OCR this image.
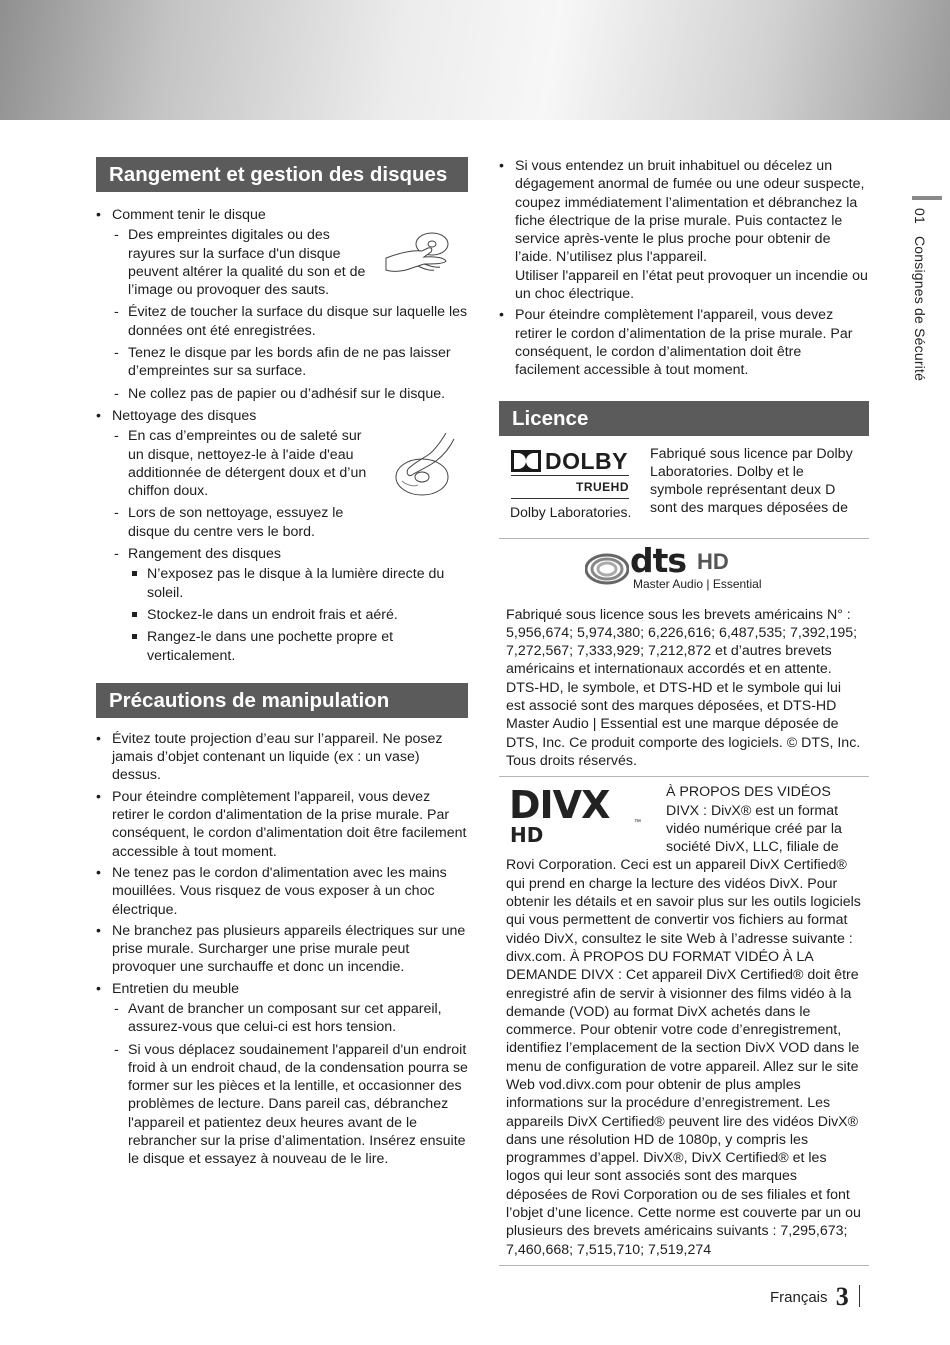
Rangement et gestion des disques
• Comment tenir le disque
- Des empreintes digitales ou des rayures sur la surface d'un disque peuvent altérer la qualité du son et de l’image ou provoquer des sauts.
- Évitez de toucher la surface du disque sur laquelle les données ont été enregistrées.
- Tenez le disque par les bords afin de ne pas laisser d’empreintes sur sa surface.
- Ne collez pas de papier ou d’adhésif sur le disque.
• Nettoyage des disques
- En cas d’empreintes ou de saleté sur un disque, nettoyez-le à l'aide d'eau additionnée de détergent doux et d’un chiffon doux.
- Lors de son nettoyage, essuyez le disque du centre vers le bord.
- Rangement des disques
N’exposez pas le disque à la lumière directe du soleil.
Stockez-le dans un endroit frais et aéré.
Rangez-le dans une pochette propre et verticalement.
Précautions de manipulation
• Évitez toute projection d’eau sur l’appareil. Ne posez jamais d’objet contenant un liquide (ex : un vase) dessus.
• Pour éteindre complètement l'appareil, vous devez retirer le cordon d'alimentation de la prise murale. Par conséquent, le cordon d'alimentation doit être facilement accessible à tout moment.
• Ne tenez pas le cordon d'alimentation avec les mains mouillées. Vous risquez de vous exposer à un choc électrique.
• Ne branchez pas plusieurs appareils électriques sur une prise murale. Surcharger une prise murale peut provoquer une surchauffe et donc un incendie.
• Entretien du meuble
- Avant de brancher un composant sur cet appareil, assurez-vous que celui-ci est hors tension.
- Si vous déplacez soudainement l'appareil d'un endroit froid à un endroit chaud, de la condensation pourra se former sur les pièces et la lentille, et occasionner des problèmes de lecture. Dans pareil cas, débranchez l'appareil et patientez deux heures avant de le rebrancher sur la prise d’alimentation. Insérez ensuite le disque et essayez à nouveau de le lire.
• Si vous entendez un bruit inhabituel ou décelez un dégagement anormal de fumée ou une odeur suspecte, coupez immédiatement l’alimentation et débranchez la fiche électrique de la prise murale. Puis contactez le service après-vente le plus proche pour obtenir de l’aide. N’utilisez plus l'appareil.
Utiliser l'appareil en l’état peut provoquer un incendie ou un choc électrique.
• Pour éteindre complètement l'appareil, vous devez retirer le cordon d’alimentation de la prise murale. Par conséquent, le cordon d’alimentation doit être facilement accessible à tout moment.
Licence
DOLBY
TRUEHD
Dolby Laboratories.
Fabriqué sous licence par Dolby Laboratories. Dolby et le symbole représentant deux D sont des marques déposées de
dts HD
Master Audio | Essential
Fabriqué sous licence sous les brevets américains N° : 5,956,674; 5,974,380; 6,226,616; 6,487,535; 7,392,195; 7,272,567; 7,333,929; 7,212,872 et d’autres brevets américains et internationaux accordés et en attente. DTS-HD, le symbole, et DTS-HD et le symbole qui lui est associé sont des marques déposées, et DTS-HD Master Audio | Essential est une marque déposée de DTS, Inc. Ce produit comporte des logiciels. © DTS, Inc. Tous droits réservés.
DIVX
HD
™
À PROPOS DES VIDÉOS DIVX : DivX® est un format vidéo numérique créé par la société DivX, LLC, filiale de Rovi Corporation. Ceci est un appareil DivX Certified® qui prend en charge la lecture des vidéos DivX. Pour obtenir les détails et en savoir plus sur les outils logiciels qui vous permettent de convertir vos fichiers au format vidéo DivX, consultez le site Web à l’adresse suivante : divx.com. À PROPOS DU FORMAT VIDÉO À LA DEMANDE DIVX : Cet appareil DivX Certified® doit être enregistré afin de servir à visionner des films vidéo à la demande (VOD) au format DivX achetés dans le commerce. Pour obtenir votre code d’enregistrement, identifiez l’emplacement de la section DivX VOD dans le menu de configuration de votre appareil. Allez sur le site Web vod.divx.com pour obtenir de plus amples informations sur la procédure d’enregistrement. Les appareils DivX Certified® peuvent lire des vidéos DivX® dans une résolution HD de 1080p, y compris les programmes d’appel. DivX®, DivX Certified® et les logos qui leur sont associés sont des marques déposées de Rovi Corporation ou de ses filiales et font l’objet d’une licence. Cette norme est couverte par un ou plusieurs des brevets américains suivants : 7,295,673; 7,460,668; 7,515,710; 7,519,274
01
Consignes de Sécurité
Français 3
